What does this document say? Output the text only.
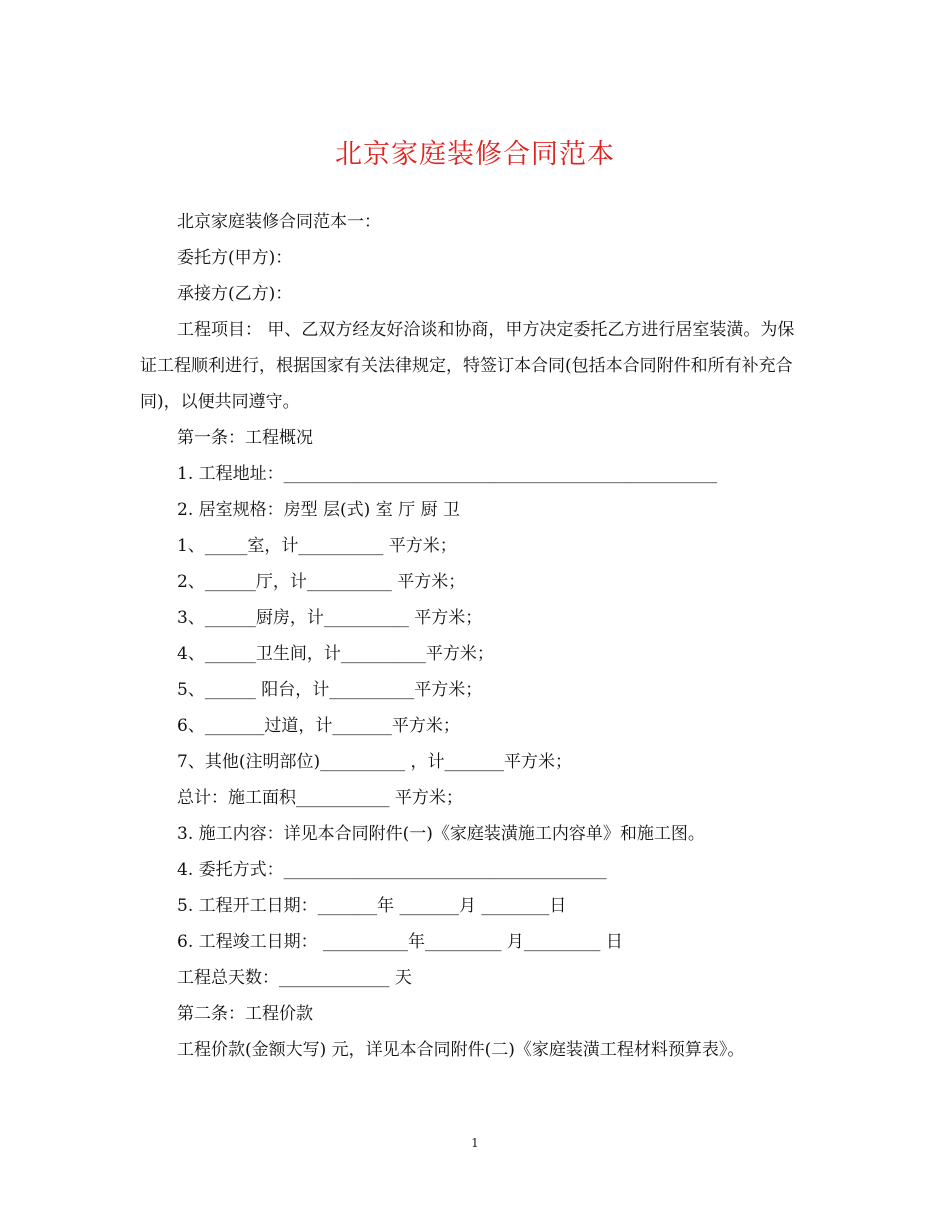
北京家庭装修合同范本

北京家庭装修合同范本一：

委托方(甲方)：

承接方(乙方)：

工程项目： 甲、乙双方经友好洽谈和协商，甲方决定委托乙方进行居室装潢。为保证工程顺利进行，根据国家有关法律规定，特签订本合同(包括本合同附件和所有补充合同)，以便共同遵守。

第一条：工程概况

1. 工程地址：___________________________________________________

2. 居室规格：房型 层(式) 室 厅 厨 卫

1、_____室，计__________ 平方米；

2、______厅，计__________ 平方米；

3、______厨房，计__________ 平方米；

4、______卫生间，计__________平方米；

5、______ 阳台，计__________平方米；

6、_______过道，计_______平方米；

7、其他(注明部位)__________ ，计_______平方米；

总计：施工面积___________ 平方米；

3. 施工内容：详见本合同附件(一)《家庭装潢施工内容单》和施工图。

4. 委托方式：______________________________________

5. 工程开工日期：_______年 _______月 ________日

6. 工程竣工日期： __________年_________ 月_________ 日

工程总天数：_____________ 天

第二条：工程价款

工程价款(金额大写) 元，详见本合同附件(二)《家庭装潢工程材料预算表》。

1
